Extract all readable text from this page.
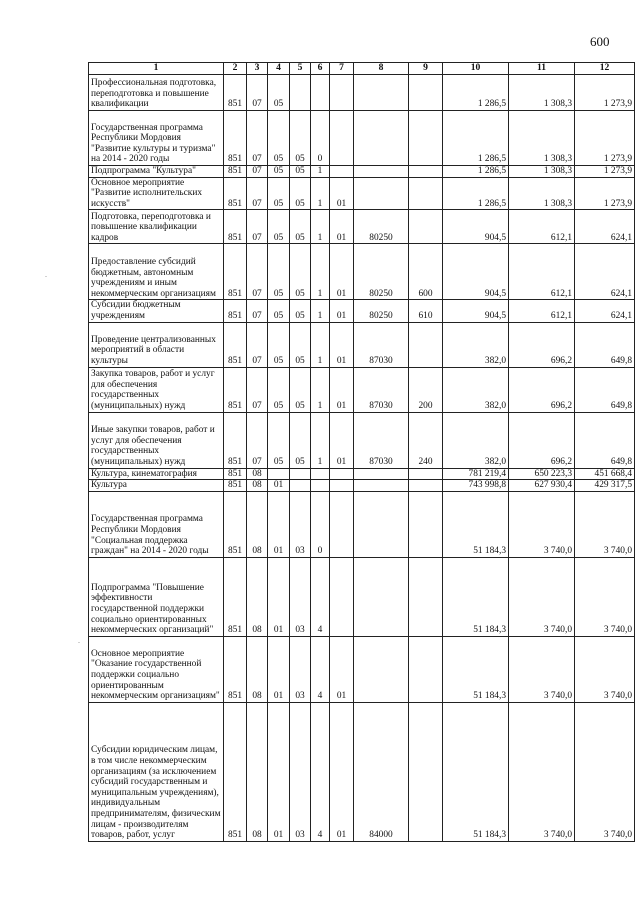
600
1	2	3	4	5	6	7	8	9	10	11	12
Профессиональная подготовка, переподготовка и повышение квалификации	851	07	05						1 286,5	1 308,3	1 273,9
Государственная программа Республики Мордовия "Развитие культуры и туризма" на 2014 - 2020 годы	851	07	05	05	0				1 286,5	1 308,3	1 273,9
Подпрограмма "Культура"	851	07	05	05	1				1 286,5	1 308,3	1 273,9
Основное мероприятие "Развитие исполнительских искусств"	851	07	05	05	1	01			1 286,5	1 308,3	1 273,9
Подготовка, переподготовка и повышение квалификации кадров	851	07	05	05	1	01	80250		904,5	612,1	624,1
Предоставление субсидий бюджетным, автономным учреждениям и иным некоммерческим организациям	851	07	05	05	1	01	80250	600	904,5	612,1	624,1
Субсидии бюджетным учреждениям	851	07	05	05	1	01	80250	610	904,5	612,1	624,1
Проведение централизованных мероприятий в области культуры	851	07	05	05	1	01	87030		382,0	696,2	649,8
Закупка товаров, работ и услуг для обеспечения государственных (муниципальных) нужд	851	07	05	05	1	01	87030	200	382,0	696,2	649,8
Иные закупки товаров, работ и услуг для обеспечения государственных (муниципальных) нужд	851	07	05	05	1	01	87030	240	382,0	696,2	649,8
Культура, кинематография	851	08							781 219,4	650 223,3	451 668,4
Культура	851	08	01						743 998,8	627 930,4	429 317,5
Государственная программа Республики Мордовия "Социальная поддержка граждан" на 2014 - 2020 годы	851	08	01	03	0				51 184,3	3 740,0	3 740,0
Подпрограмма "Повышение эффективности государственной поддержки социально ориентированных некоммерческих организаций"	851	08	01	03	4				51 184,3	3 740,0	3 740,0
Основное мероприятие "Оказание государственной поддержки социально ориентированным некоммерческим организациям"	851	08	01	03	4	01			51 184,3	3 740,0	3 740,0
Субсидии юридическим лицам, в том числе некоммерческим организациям (за исключением субсидий государственным и муниципальным учреждениям), индивидуальным предпринимателям, физическим лицам - производителям товаров, работ, услуг	851	08	01	03	4	01	84000		51 184,3	3 740,0	3 740,0
.
.
